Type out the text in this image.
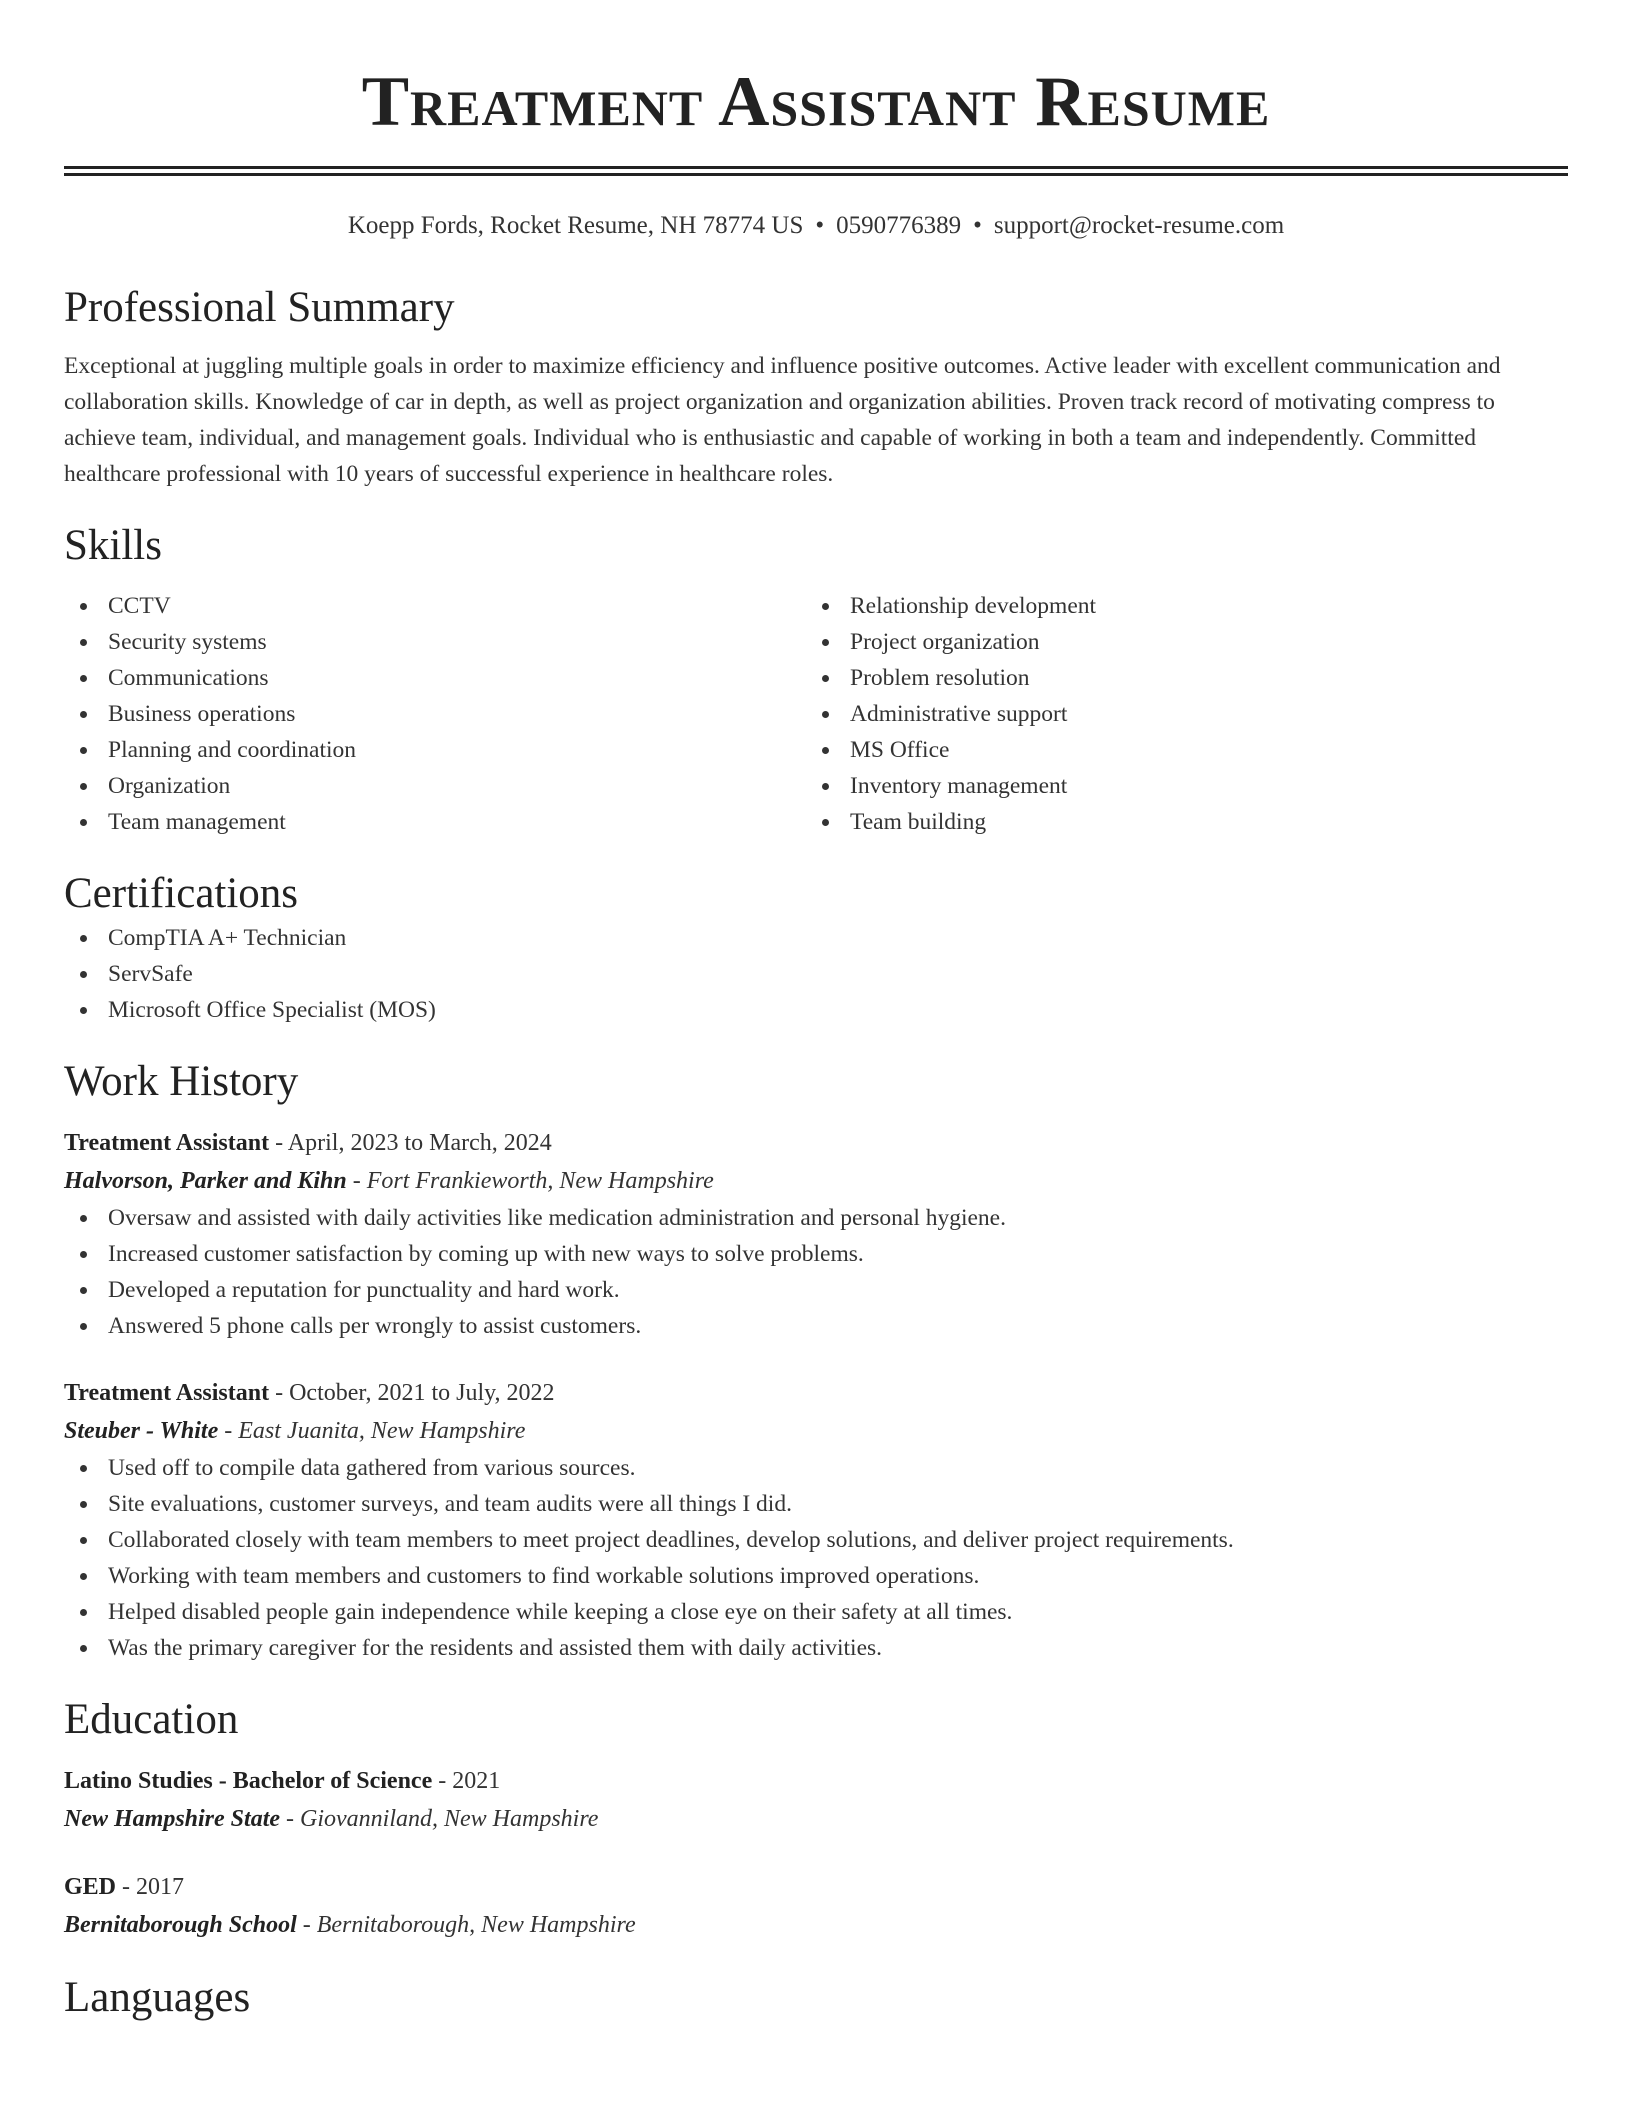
Treatment Assistant Resume
Koepp Fords, Rocket Resume, NH 78774 US • 0590776389 • support@rocket-resume.com
Professional Summary

Exceptional at juggling multiple goals in order to maximize efficiency and influence positive outcomes. Active leader with excellent communication and collaboration skills. Knowledge of car in depth, as well as project organization and organization abilities. Proven track record of motivating compress to achieve team, individual, and management goals. Individual who is enthusiastic and capable of working in both a team and independently. Committed healthcare professional with 10 years of successful experience in healthcare roles.

Skills
CCTV
Security systems
Communications
Business operations
Planning and coordination
Organization
Team management
Relationship development
Project organization
Problem resolution
Administrative support
MS Office
Inventory management
Team building
Certifications
CompTIA A+ Technician
ServSafe
Microsoft Office Specialist (MOS)
Work History
Treatment Assistant - April, 2023 to March, 2024
Halvorson, Parker and Kihn - Fort Frankieworth, New Hampshire
Oversaw and assisted with daily activities like medication administration and personal hygiene.
Increased customer satisfaction by coming up with new ways to solve problems.
Developed a reputation for punctuality and hard work.
Answered 5 phone calls per wrongly to assist customers.
Treatment Assistant - October, 2021 to July, 2022
Steuber - White - East Juanita, New Hampshire
Used off to compile data gathered from various sources.
Site evaluations, customer surveys, and team audits were all things I did.
Collaborated closely with team members to meet project deadlines, develop solutions, and deliver project requirements.
Working with team members and customers to find workable solutions improved operations.
Helped disabled people gain independence while keeping a close eye on their safety at all times.
Was the primary caregiver for the residents and assisted them with daily activities.
Education
Latino Studies - Bachelor of Science - 2021
New Hampshire State - Giovanniland, New Hampshire
GED - 2017
Bernitaborough School - Bernitaborough, New Hampshire
Languages
